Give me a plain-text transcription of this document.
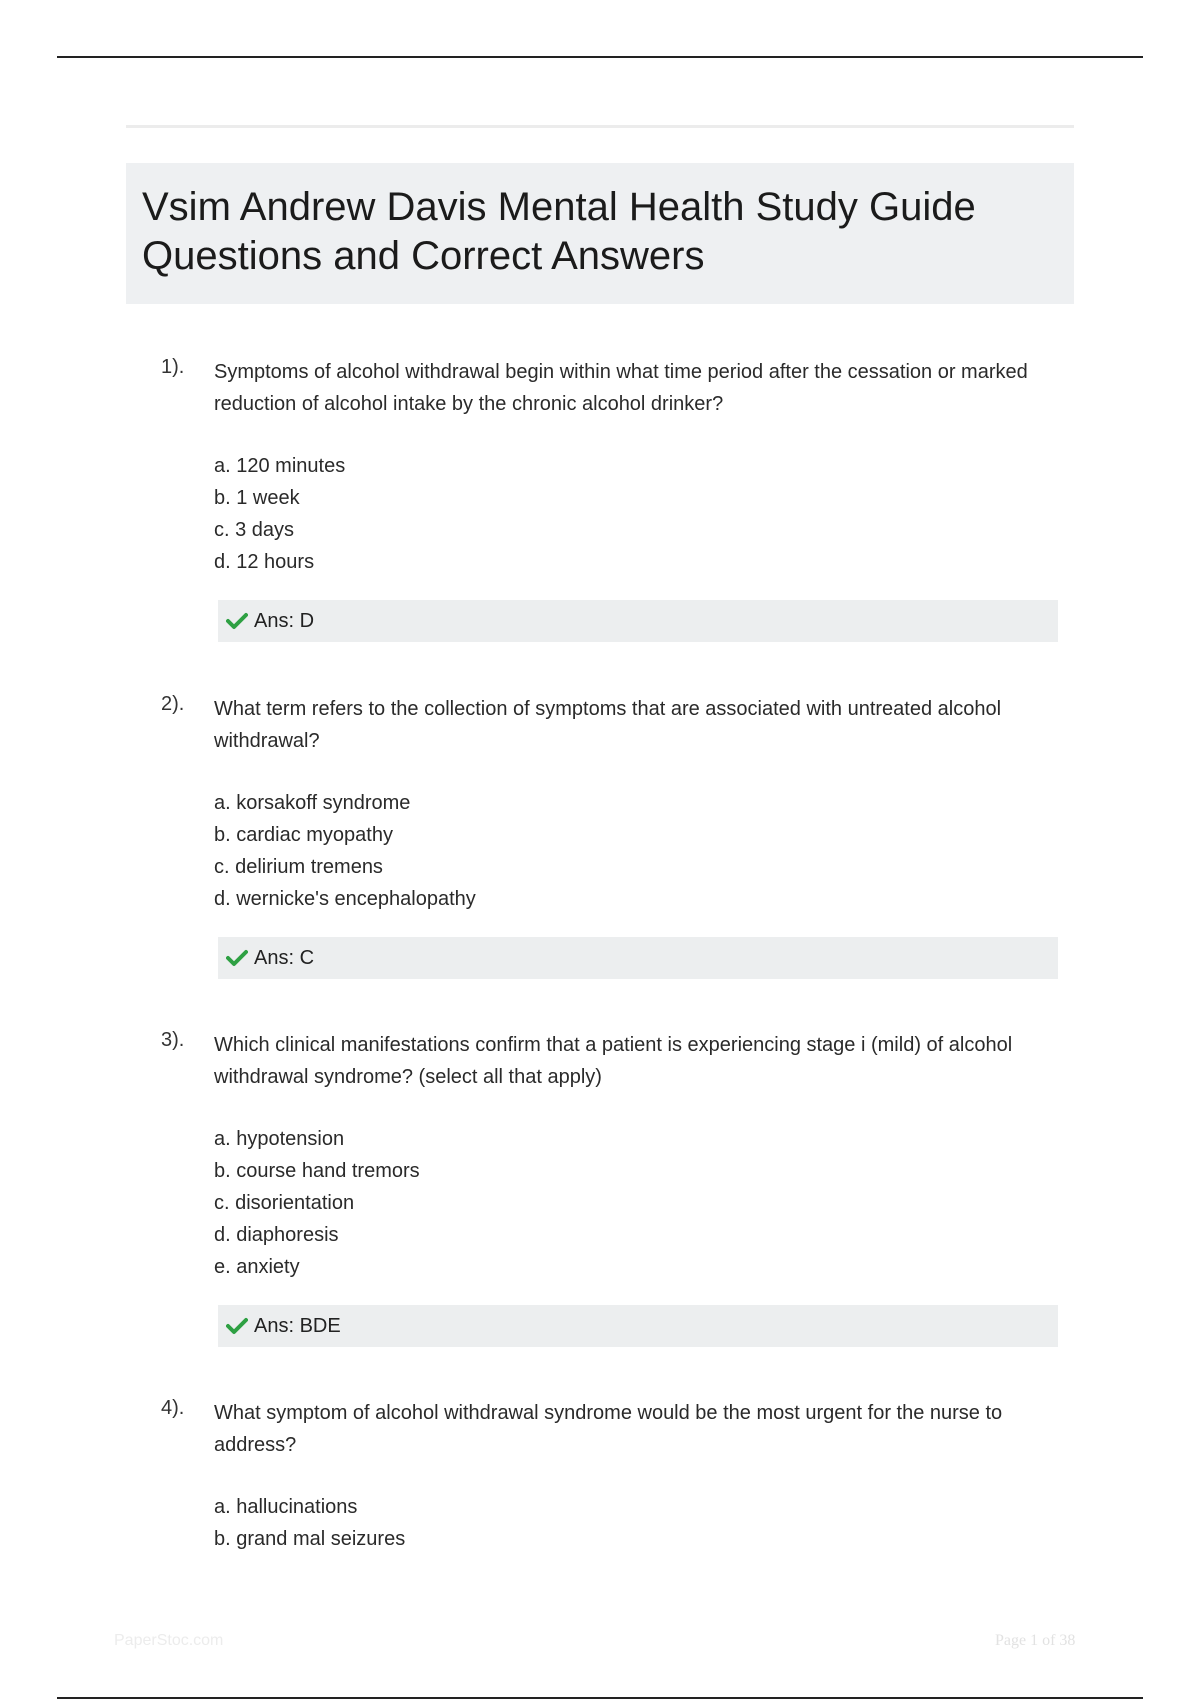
Vsim Andrew Davis Mental Health Study Guide
Questions and Correct Answers
1). Symptoms of alcohol withdrawal begin within what time period after the cessation or marked reduction of alcohol intake by the chronic alcohol drinker?
a. 120 minutes
b. 1 week
c. 3 days
d. 12 hours
Ans: D
2). What term refers to the collection of symptoms that are associated with untreated alcohol withdrawal?
a. korsakoff syndrome
b. cardiac myopathy
c. delirium tremens
d. wernicke's encephalopathy
Ans: C
3). Which clinical manifestations confirm that a patient is experiencing stage i (mild) of alcohol withdrawal syndrome? (select all that apply)
a. hypotension
b. course hand tremors
c. disorientation
d. diaphoresis
e. anxiety
Ans: BDE
4). What symptom of alcohol withdrawal syndrome would be the most urgent for the nurse to address?
a. hallucinations
b. grand mal seizures
PaperStoc.com	Page 1 of 38
